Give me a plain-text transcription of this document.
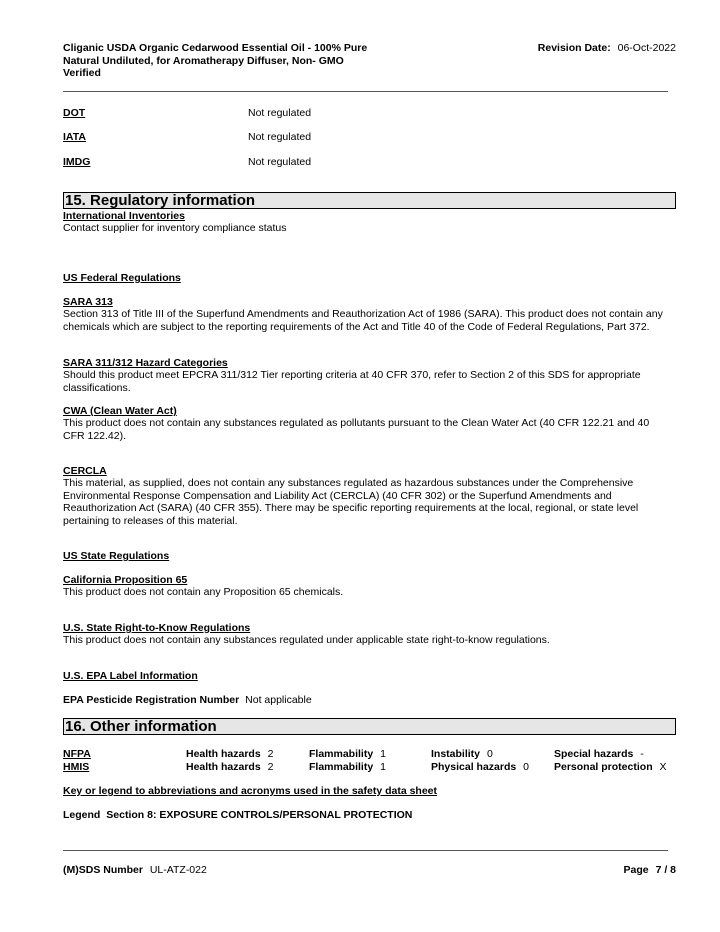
Cliganic USDA Organic Cedarwood Essential Oil - 100% Pure
Natural Undiluted, for Aromatherapy Diffuser, Non- GMO
Verified
Revision Date: 06-Oct-2022
DOT	Not regulated
IATA	Not regulated
IMDG	Not regulated
15. Regulatory information
International Inventories
Contact supplier for inventory compliance status
US Federal Regulations
SARA 313
Section 313 of Title III of the Superfund Amendments and Reauthorization Act of 1986 (SARA). This product does not contain any
chemicals which are subject to the reporting requirements of the Act and Title 40 of the Code of Federal Regulations, Part 372.
SARA 311/312 Hazard Categories
Should this product meet EPCRA 311/312 Tier reporting criteria at 40 CFR 370, refer to Section 2 of this SDS for appropriate
classifications.
CWA (Clean Water Act)
This product does not contain any substances regulated as pollutants pursuant to the Clean Water Act (40 CFR 122.21 and 40
CFR 122.42).
CERCLA
This material, as supplied, does not contain any substances regulated as hazardous substances under the Comprehensive
Environmental Response Compensation and Liability Act (CERCLA) (40 CFR 302) or the Superfund Amendments and
Reauthorization Act (SARA) (40 CFR 355). There may be specific reporting requirements at the local, regional, or state level
pertaining to releases of this material.
US State Regulations
California Proposition 65
This product does not contain any Proposition 65 chemicals.
U.S. State Right-to-Know Regulations
This product does not contain any substances regulated under applicable state right-to-know regulations.
U.S. EPA Label Information
EPA Pesticide Registration Number Not applicable
16. Other information
NFPA	Health hazards 2	Flammability 1	Instability 0	Special hazards -
HMIS	Health hazards 2	Flammability 1	Physical hazards 0 Personal protection X
Key or legend to abbreviations and acronyms used in the safety data sheet
Legend Section 8: EXPOSURE CONTROLS/PERSONAL PROTECTION
(M)SDS Number UL-ATZ-022	Page 7 / 8
